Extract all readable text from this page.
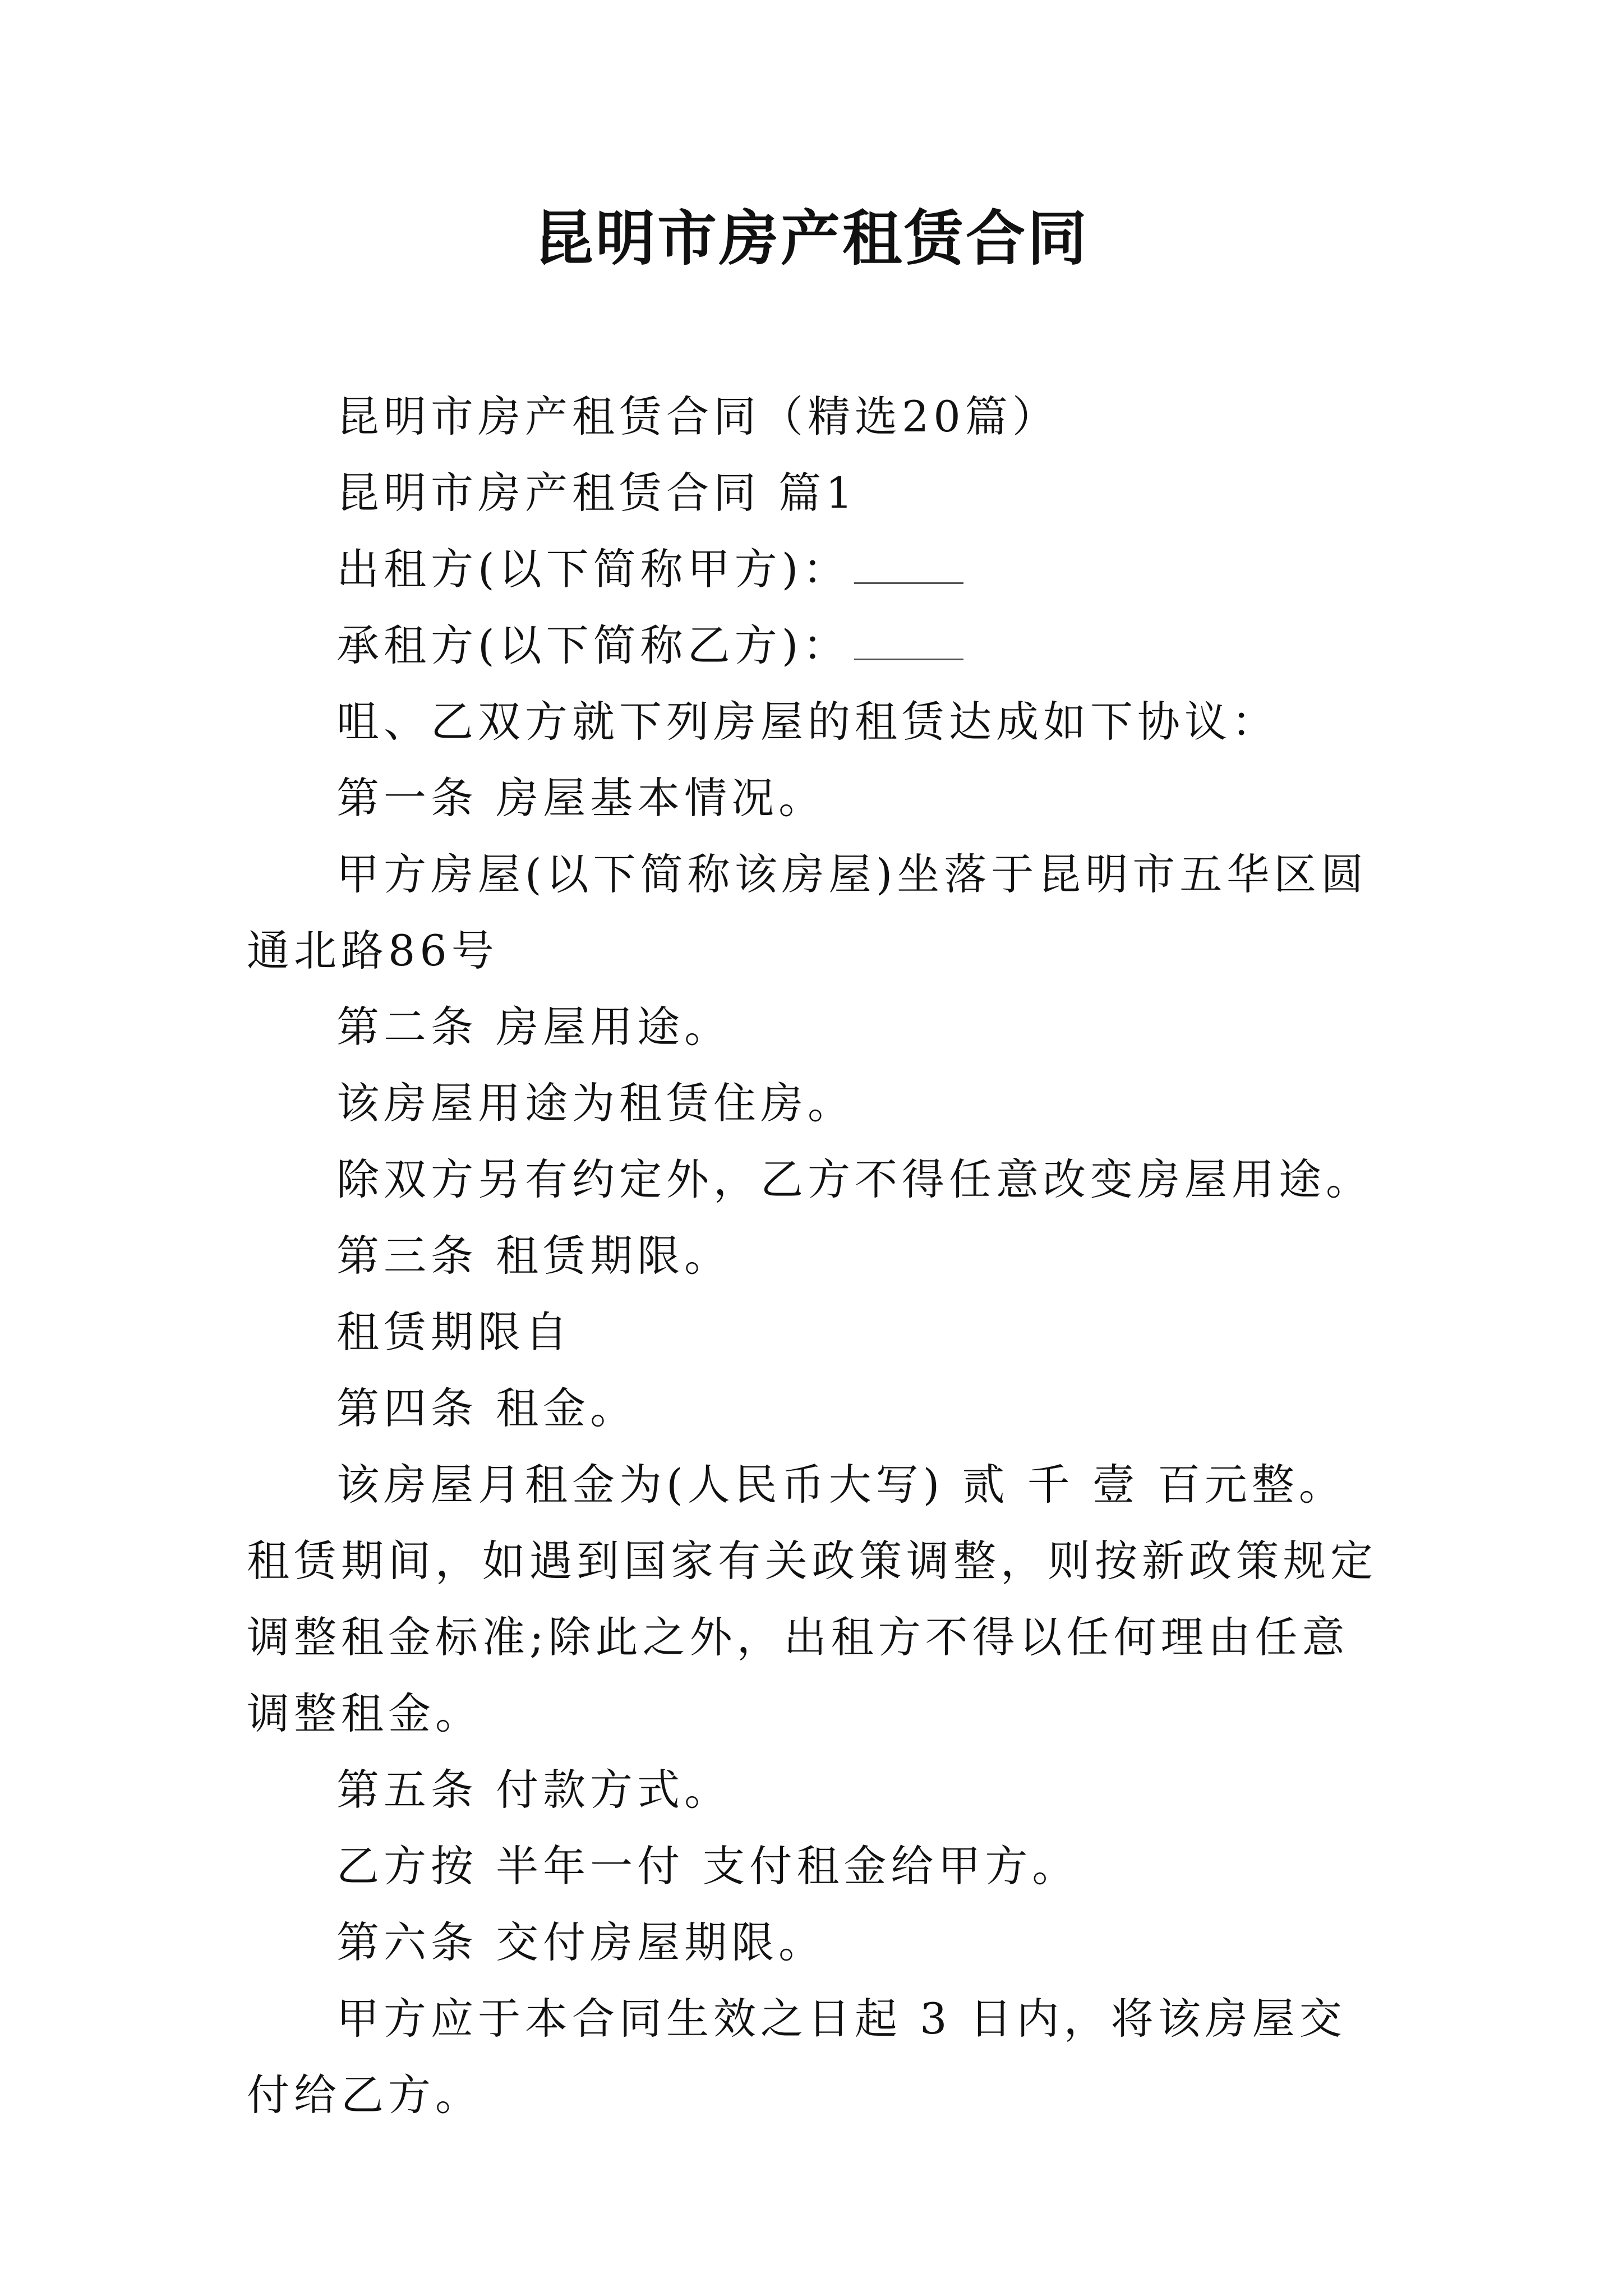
昆明市房产租赁合同

昆明市房产租赁合同（精选20篇）

昆明市房产租赁合同 篇1

出租方(以下简称甲方)：

承租方(以下简称乙方)：

咀、乙双方就下列房屋的租赁达成如下协议：

第一条 房屋基本情况。

甲方房屋(以下简称该房屋)坐落于昆明市五华区圆通北路86号

第二条 房屋用途。

该房屋用途为租赁住房。

除双方另有约定外，乙方不得任意改变房屋用途。

第三条 租赁期限。

租赁期限自

第四条 租金。

该房屋月租金为(人民币大写) 贰 千 壹 百元整。租赁期间，如遇到国家有关政策调整，则按新政策规定调整租金标准;除此之外，出租方不得以任何理由任意调整租金。

第五条 付款方式。

乙方按 半年一付 支付租金给甲方。

第六条 交付房屋期限。

甲方应于本合同生效之日起 3 日内，将该房屋交付给乙方。
